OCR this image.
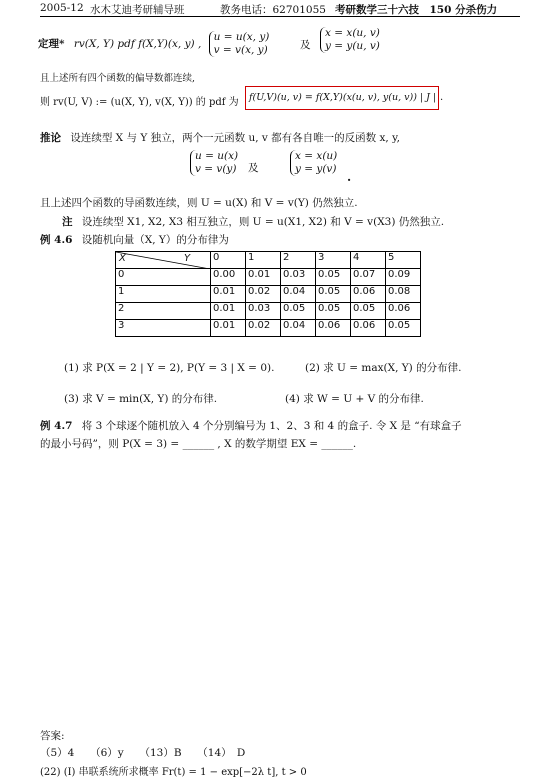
2005-12 水木艾迪考研辅导班	教务电话：62701055 考研数学三十六技　150 分杀伤力
定理* rv(X, Y) pdf f(X,Y)(x, y) ,
u = u(x, y)
v = v(x, y)	及
x = x(u, v)
y = y(u, v)
且上述所有四个函数的偏导数都连续,
则 rv(U, V) := (u(X, Y), v(X, Y)) 的 pdf 为 f(U,V)(u, v) = f(X,Y)(x(u, v), y(u, v)) | J | .
推论 设连续型 X 与 Y 独立，两个一元函数 u, v 都有各自唯一的反函数 x, y,
u = u(x)
v = v(y) 及
x = x(u)
y = y(v)
.
且上述四个函数的导函数连续，则 U = u(X) 和 V = v(Y) 仍然独立.
注 设连续型 X1, X2, X3 相互独立，则 U = u(X1, X2) 和 V = v(X3) 仍然独立.
例 4.6 设随机向量（X, Y）的分布律为
X Y	0	1	2	3	4	5
0	0.00	0.01	0.03	0.05	0.07	0.09
1	0.01	0.02	0.04	0.05	0.06	0.08
2	0.01	0.03	0.05	0.05	0.05	0.06
3	0.01	0.02	0.04	0.06	0.06	0.05
(1) 求 P(X = 2 | Y = 2), P(Y = 3 | X = 0).	(2) 求 U = max(X, Y) 的分布律.
(3) 求 V = min(X, Y) 的分布律.	(4) 求 W = U + V 的分布律.
例 4.7 将 3 个球逐个随机放入 4 个分别编号为 1、2、3 和 4 的盒子. 令 X 是 “有球盒子
的最小号码”，则 P(X = 3) = ______ , X 的数学期望 EX = ______.
答案:
（5）4　　（6）y　　（13）B　　（14）　D
(22) (I) 串联系统所求概率 Fr(t) = 1 − exp[−2λ t], t > 0
